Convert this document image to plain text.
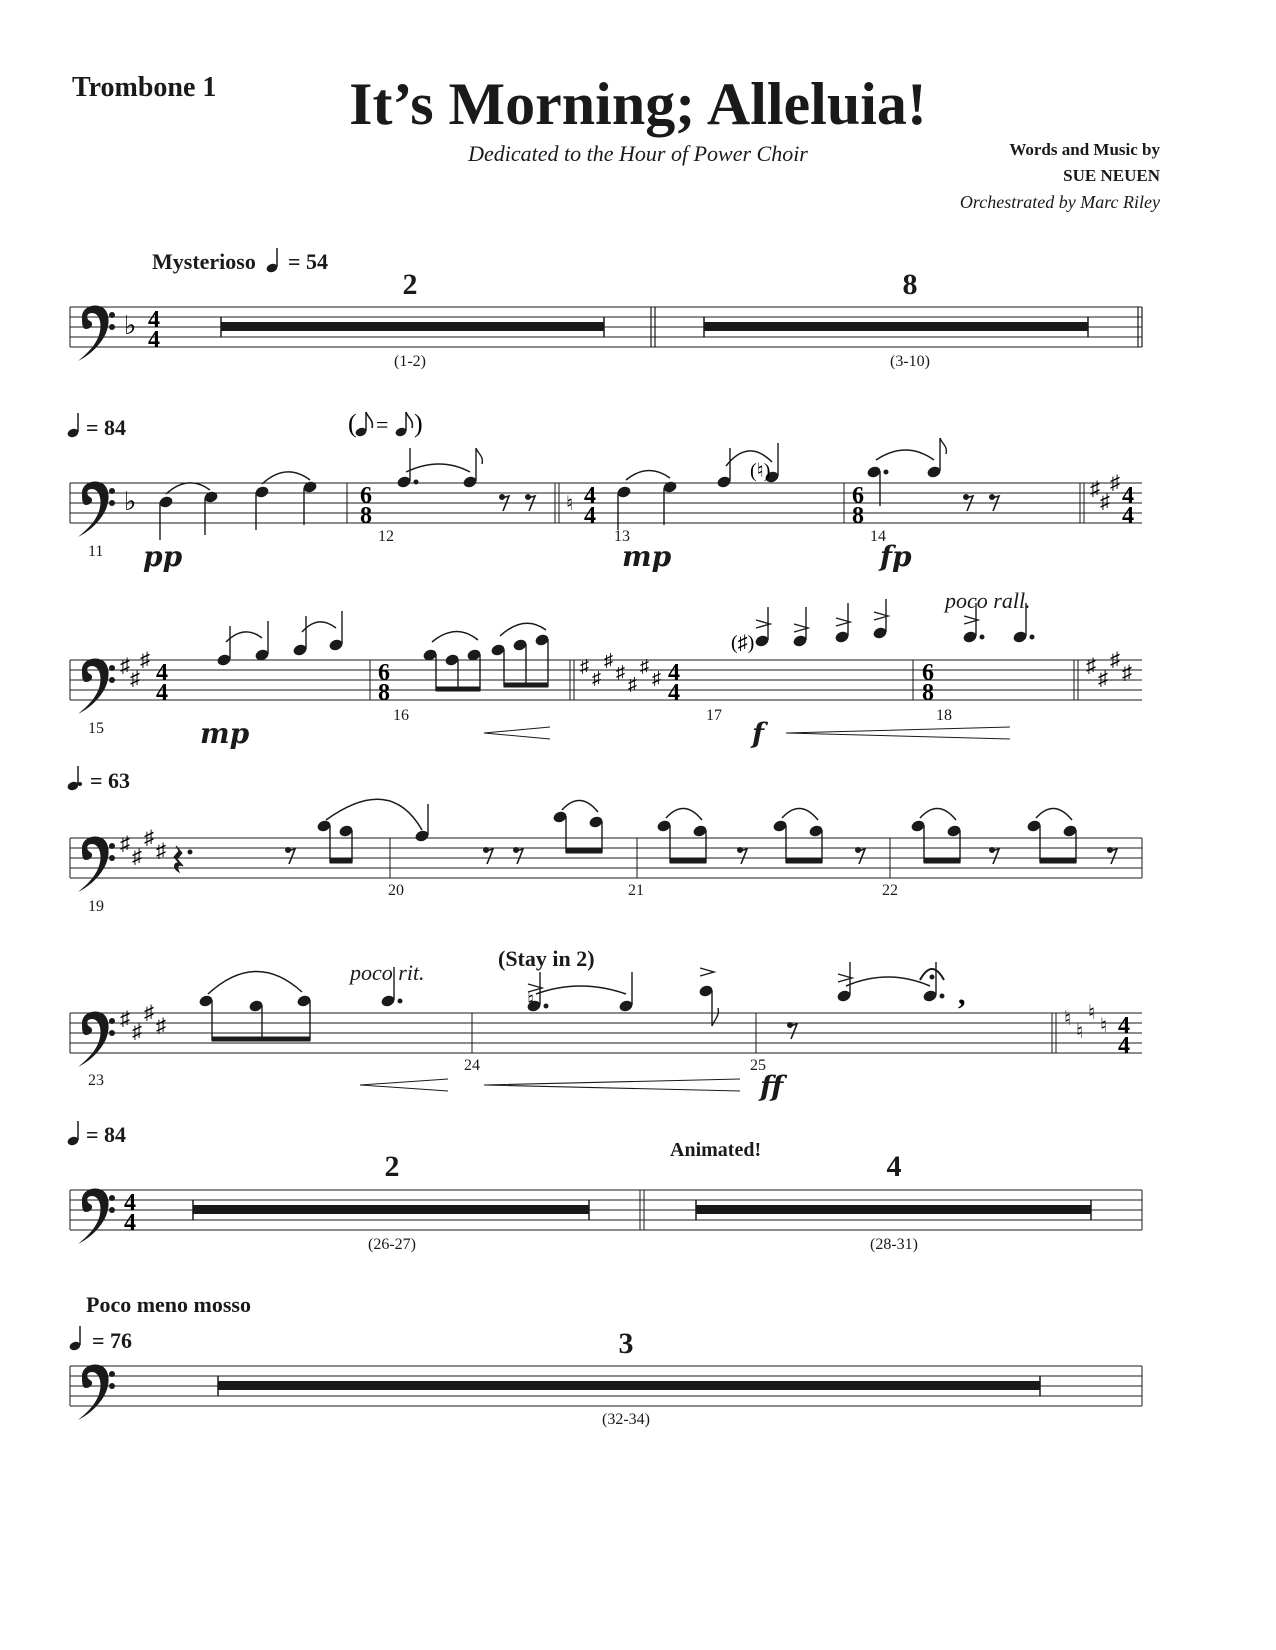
Trombone 1	It’s Morning; Alleluia!
Dedicated to the Hour of Power Choir	Words and Music by
SUE NEUEN
Orchestrated by Marc Riley
Mysterioso = 54
2
(1-2)
8
(3-10)
= 84
11
12	13	14
pp	mp	fp
poco rall.
15
16	17	18
mp	f
= 63
19
20	21	22
(Stay in 2)
poco rit.
23
24	25
ff
= 84
Animated!
2
(26-27)
4
(28-31)
Poco meno mosso
= 76	3
(32-34)
( = )
♭ 4
4
♭	6
8	♮ 4
4
6
8
♯
♯
♯ 4
4
(♮)
♯
♯
♯ 4
4
6
8
♯
♯
♯
♯
♯
♯
♯ 4
4
6
8
♯
♯
♯
♯
(♯)
♯
♯
♯
♯
♯
♯
♯
♯	♮
♮
♮
♮ 4
4
♮	,
4
4
